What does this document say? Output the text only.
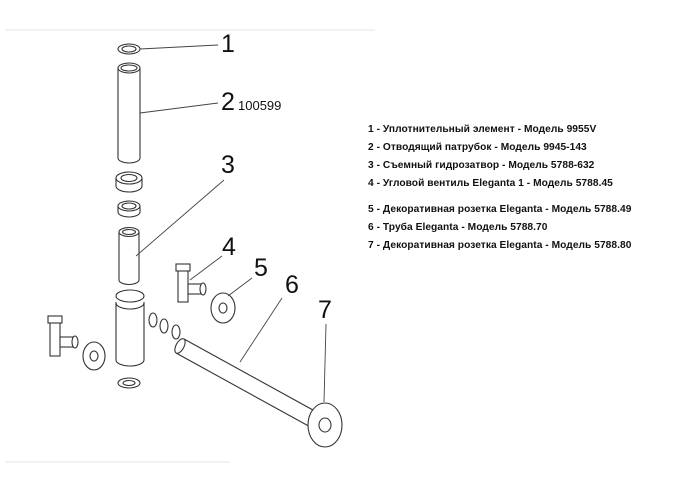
1
2 100599
3
4
5
6
7
1 - Уплотнительный элемент - Модель 9955V
2 - Отводящий патрубок - Модель 9945-143
3 - Съемный гидрозатвор - Модель 5788-632
4 - Угловой вентиль Eleganta 1 - Модель 5788.45
5 - Декоративная розетка Eleganta - Модель 5788.49
6 - Труба Eleganta - Модель 5788.70
7 - Декоративная розетка Eleganta - Модель 5788.80
